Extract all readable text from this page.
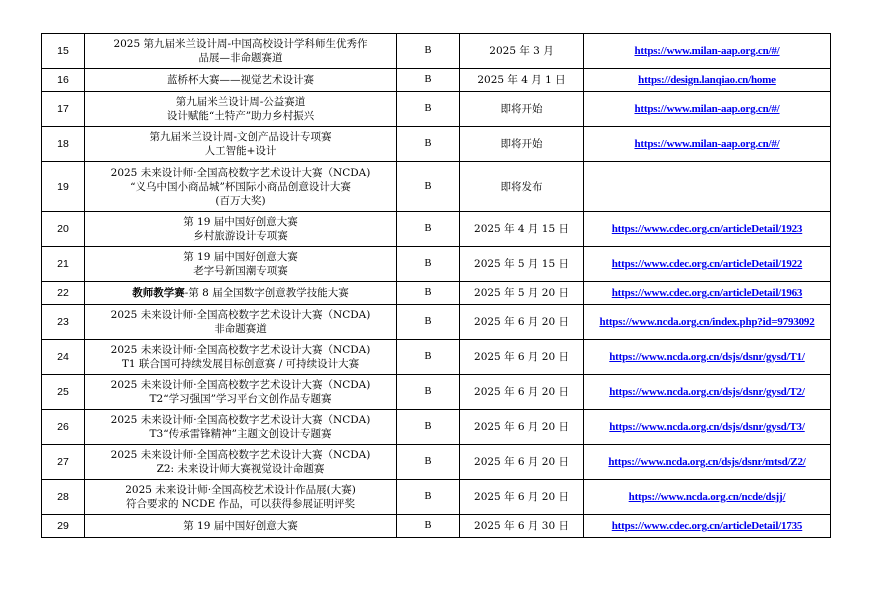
15	2025 第九届米兰设计周-中国高校设计学科师生优秀作
品展—非命题赛道	B	2025 年 3 月	https://www.milan-aap.org.cn/#/
16	蓝桥杯大赛——视觉艺术设计赛	B	2025 年 4 月 1 日	https://design.lanqiao.cn/home
17	第九届米兰设计周-公益赛道
设计赋能“土特产”助力乡村振兴	B	即将开始	https://www.milan-aap.org.cn/#/
18	第九届米兰设计周-文创产品设计专项赛
人工智能+设计	B	即将开始	https://www.milan-aap.org.cn/#/
19	2025 未来设计师·全国高校数字艺术设计大赛（NCDA)
“义乌中国小商品城”杯国际小商品创意设计大赛
(百万大奖)	B	即将发布	
20	第 19 届中国好创意大赛
乡村旅游设计专项赛	B	2025 年 4 月 15 日	https://www.cdec.org.cn/articleDetail/1923
21	第 19 届中国好创意大赛
老字号新国潮专项赛	B	2025 年 5 月 15 日	https://www.cdec.org.cn/articleDetail/1922
22	教师教学赛-第 8 届全国数字创意教学技能大赛	B	2025 年 5 月 20 日	https://www.cdec.org.cn/articleDetail/1963
23	2025 未来设计师·全国高校数字艺术设计大赛（NCDA)
非命题赛道	B	2025 年 6 月 20 日	https://www.ncda.org.cn/index.php?id=9793092
24	2025 未来设计师·全国高校数字艺术设计大赛（NCDA)
T1 联合国可持续发展目标创意赛 / 可持续设计大赛	B	2025 年 6 月 20 日	https://www.ncda.org.cn/dsjs/dsnr/gysd/T1/
25	2025 未来设计师·全国高校数字艺术设计大赛（NCDA)
T2“学习强国”学习平台文创作品专题赛	B	2025 年 6 月 20 日	https://www.ncda.org.cn/dsjs/dsnr/gysd/T2/
26	2025 未来设计师·全国高校数字艺术设计大赛（NCDA)
T3“传承雷锋精神”主题文创设计专题赛	B	2025 年 6 月 20 日	https://www.ncda.org.cn/dsjs/dsnr/gysd/T3/
27	2025 未来设计师·全国高校数字艺术设计大赛（NCDA)
Z2: 未来设计师大赛视觉设计命题赛	B	2025 年 6 月 20 日	https://www.ncda.org.cn/dsjs/dsnr/mtsd/Z2/
28	2025 未来设计师·全国高校艺术设计作品展(大赛)
符合要求的 NCDE 作品，可以获得参展证明评奖	B	2025 年 6 月 20 日	https://www.ncda.org.cn/ncde/dsjj/
29	第 19 届中国好创意大赛	B	2025 年 6 月 30 日	https://www.cdec.org.cn/articleDetail/1735
